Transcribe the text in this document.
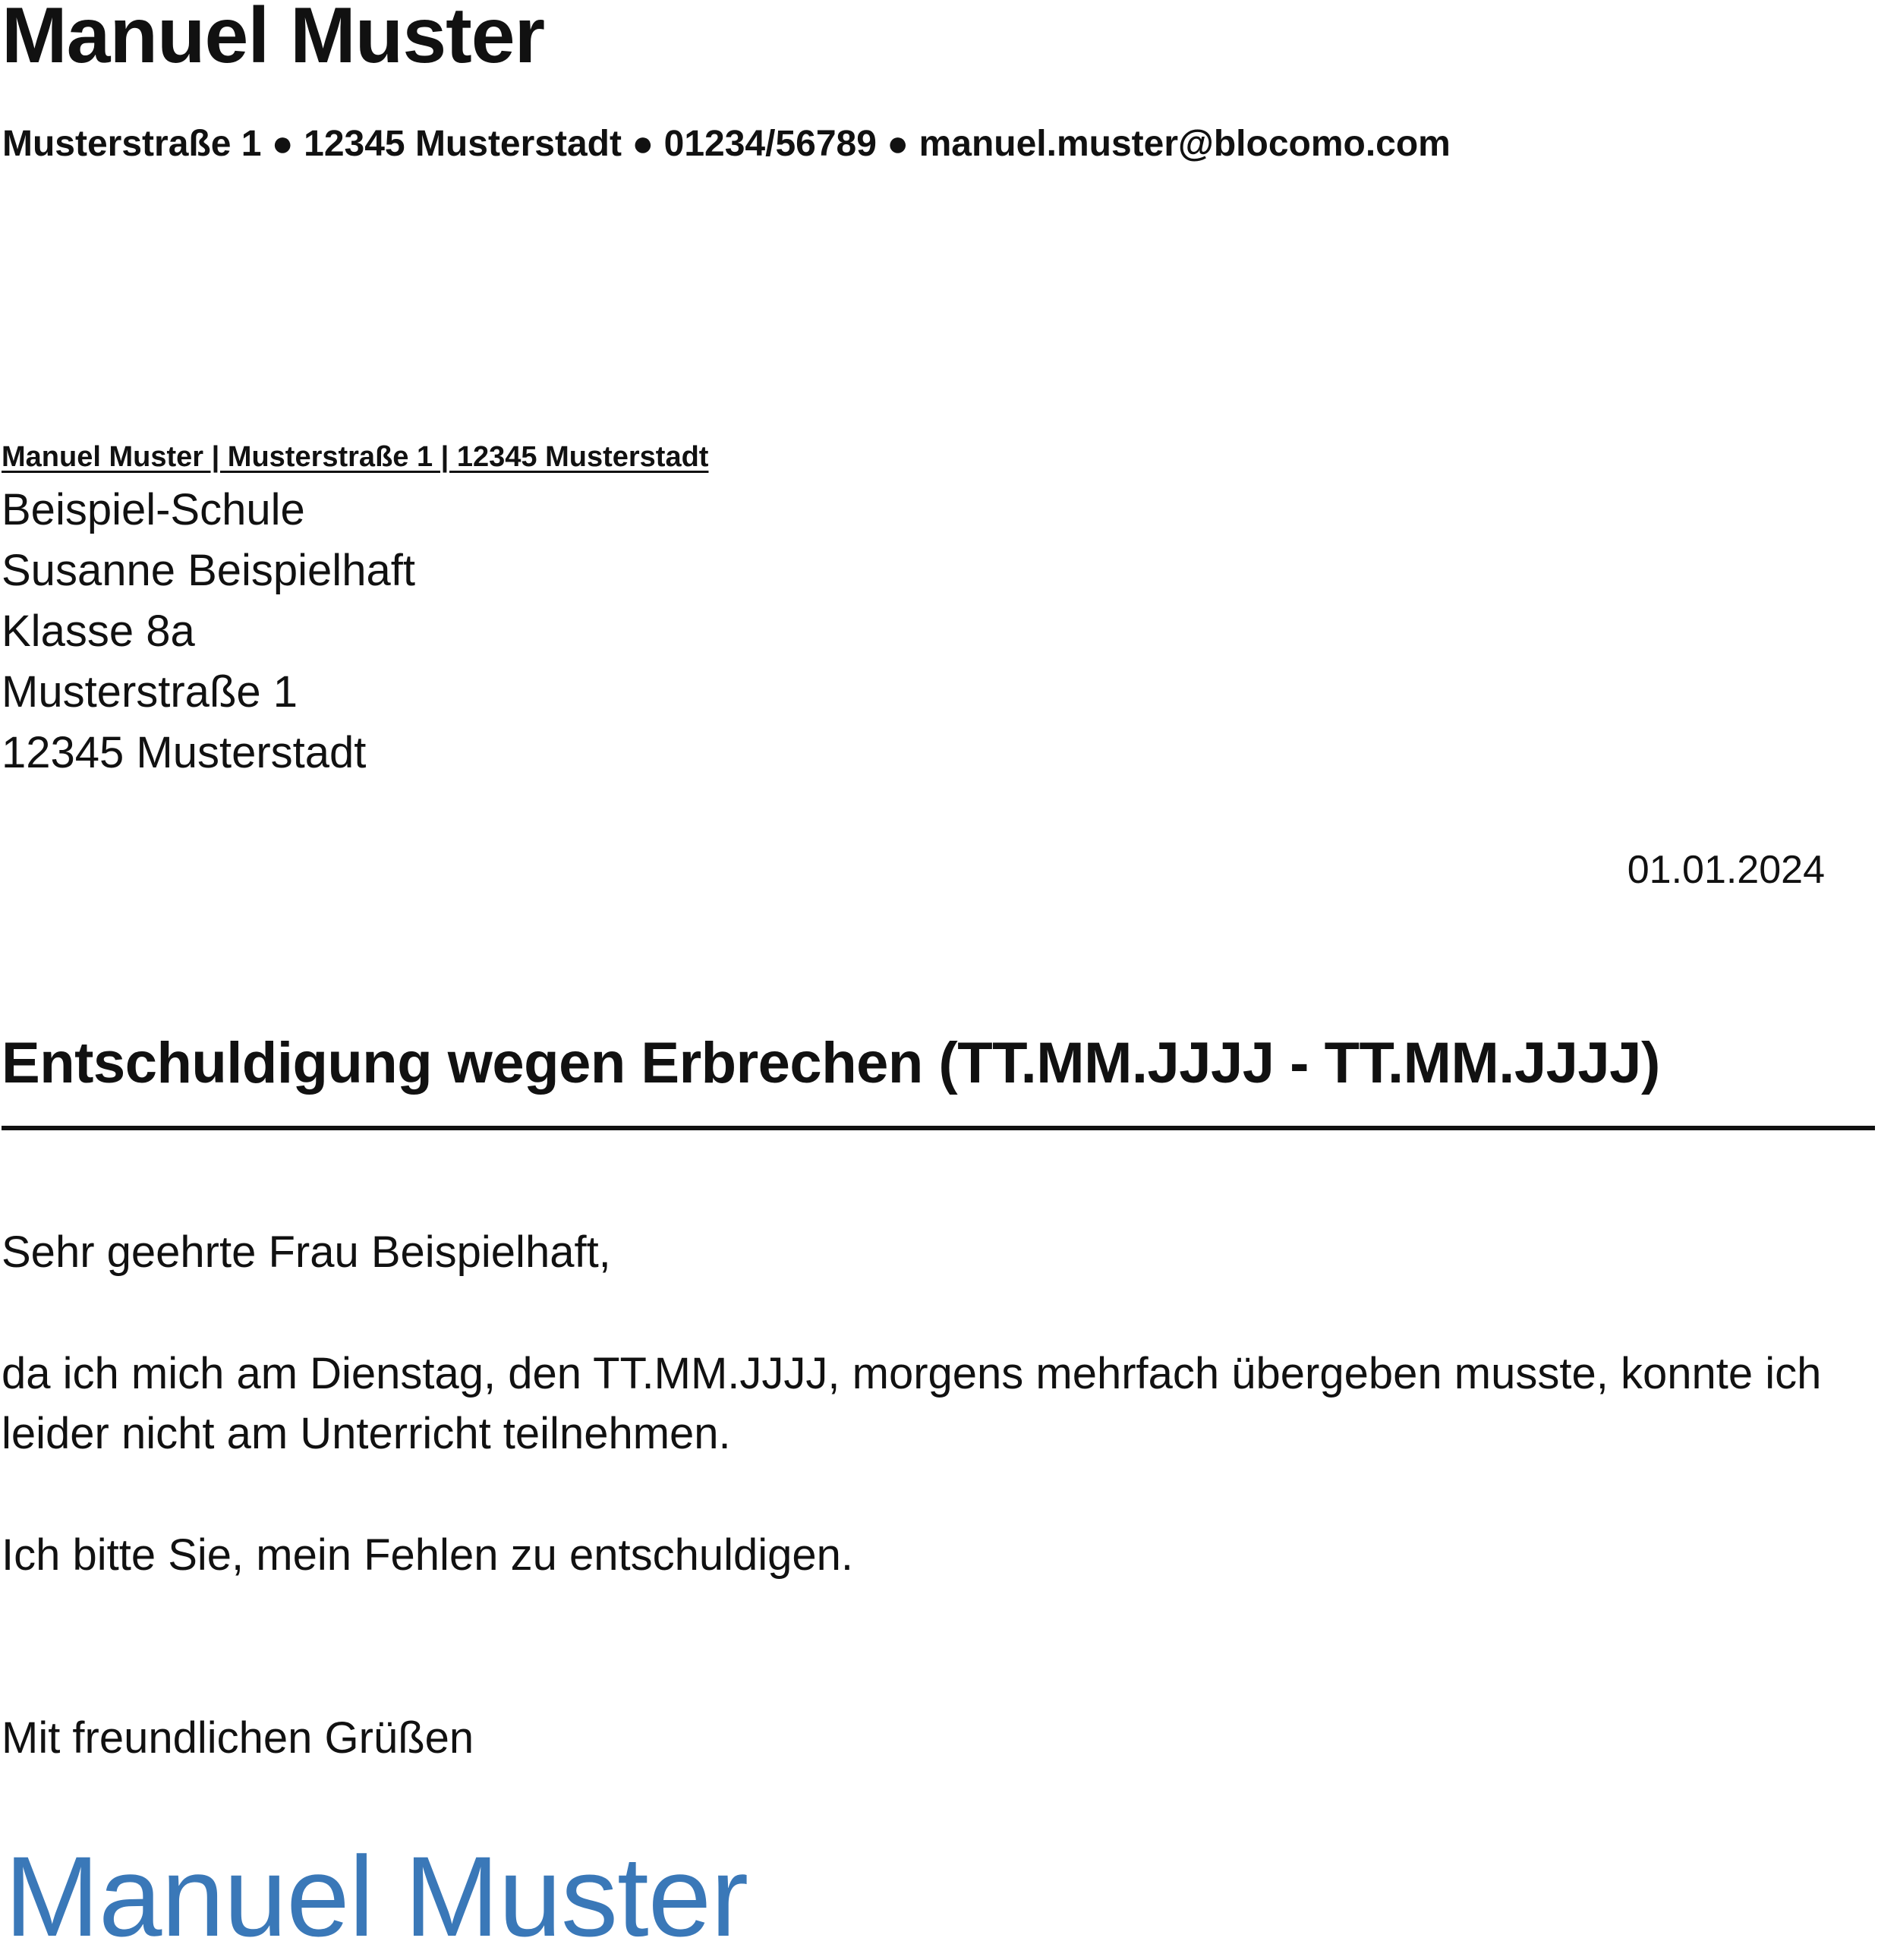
Manuel Muster
Musterstraße 1 ● 12345 Musterstadt ● 01234/56789 ● manuel.muster@blocomo.com
Manuel Muster | Musterstraße 1 | 12345 Musterstadt
Beispiel-Schule
Susanne Beispielhaft
Klasse 8a
Musterstraße 1
12345 Musterstadt
01.01.2024
Entschuldigung wegen Erbrechen (TT.MM.JJJJ - TT.MM.JJJJ)
Sehr geehrte Frau Beispielhaft,
da ich mich am Dienstag, den TT.MM.JJJJ, morgens mehrfach übergeben musste, konnte ich leider nicht am Unterricht teilnehmen.
Ich bitte Sie, mein Fehlen zu entschuldigen.
Mit freundlichen Grüßen
Manuel Muster
